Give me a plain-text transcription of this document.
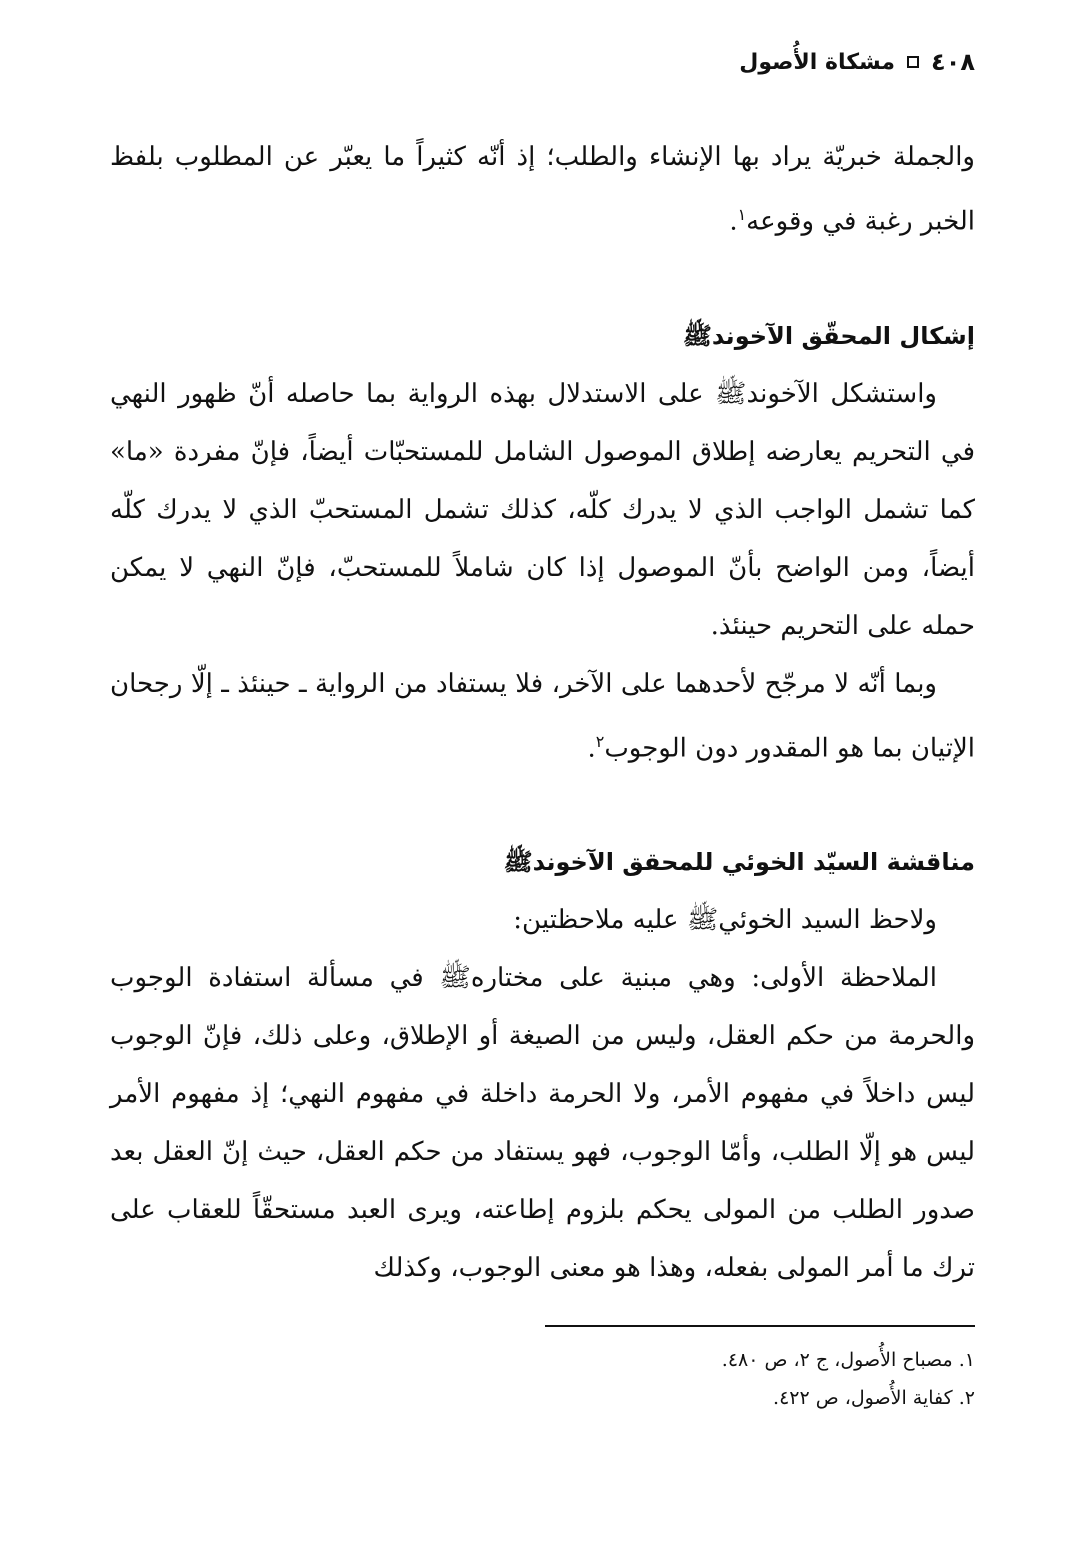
٤٠٨
مشكاة الأُصول

والجملة خبريّة يراد بها الإنشاء والطلب؛ إذ أنّه كثيراً ما يعبّر عن المطلوب بلفظ الخبر رغبة في وقوعه$^١$.

إشكال المحقّق الآخوندﷺ

واستشكل الآخوندﷺ على الاستدلال بهذه الرواية بما حاصله أنّ ظهور النهي في التحريم يعارضه إطلاق الموصول الشامل للمستحبّات أيضاً، فإنّ مفردة «ما» كما تشمل الواجب الذي لا يدرك كلّه، كذلك تشمل المستحبّ الذي لا يدرك كلّه أيضاً، ومن الواضح بأنّ الموصول إذا كان شاملاً للمستحبّ، فإنّ النهي لا يمكن حمله على التحريم حينئذ.

وبما أنّه لا مرجّح لأحدهما على الآخر، فلا يستفاد من الرواية ـ حينئذ ـ إلّا رجحان الإتيان بما هو المقدور دون الوجوب$^٢$.

مناقشة السيّد الخوئي للمحقق الآخوندﷺ

ولاحظ السيد الخوئيﷺ عليه ملاحظتين:

الملاحظة الأولى: وهي مبنية على مختارهﷺ في مسألة استفادة الوجوب والحرمة من حكم العقل، وليس من الصيغة أو الإطلاق، وعلى ذلك، فإنّ الوجوب ليس داخلاً في مفهوم الأمر، ولا الحرمة داخلة في مفهوم النهي؛ إذ مفهوم الأمر ليس هو إلّا الطلب، وأمّا الوجوب، فهو يستفاد من حكم العقل، حيث إنّ العقل بعد صدور الطلب من المولى يحكم بلزوم إطاعته، ويرى العبد مستحقّاً للعقاب على ترك ما أمر المولى بفعله، وهذا هو معنى الوجوب، وكذلك

١. مصباح الأُصول، ج ٢، ص ٤٨٠.
٢. كفاية الأُصول، ص ٤٢٢.
